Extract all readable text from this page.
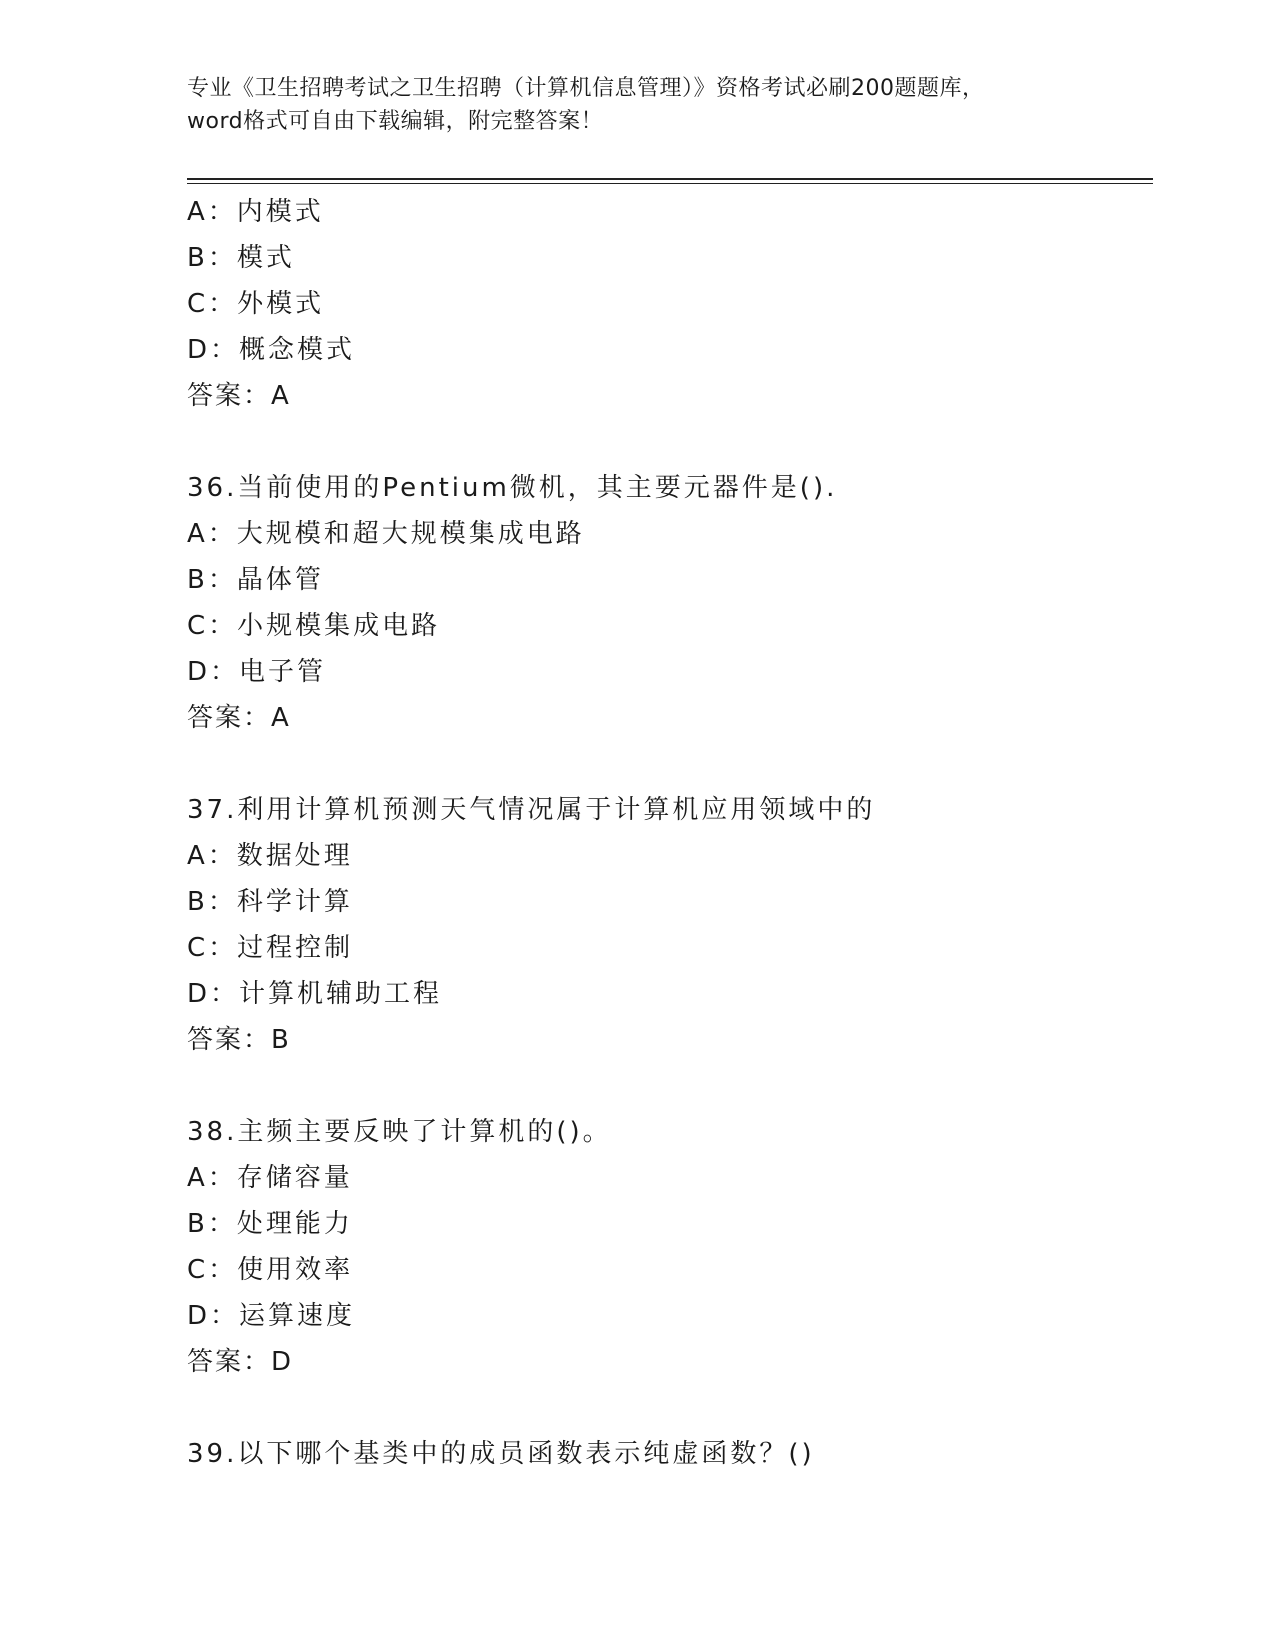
专业《卫生招聘考试之卫生招聘（计算机信息管理）》资格考试必刷200题题库，
word格式可自由下载编辑，附完整答案！
A：内模式
B：模式
C：外模式
D：概念模式
答案：A
36.当前使用的Pentium微机，其主要元器件是().
A：大规模和超大规模集成电路
B：晶体管
C：小规模集成电路
D：电子管
答案：A
37.利用计算机预测天气情况属于计算机应用领域中的
A：数据处理
B：科学计算
C：过程控制
D：计算机辅助工程
答案：B
38.主频主要反映了计算机的()。
A：存储容量
B：处理能力
C：使用效率
D：运算速度
答案：D
39.以下哪个基类中的成员函数表示纯虚函数？()
